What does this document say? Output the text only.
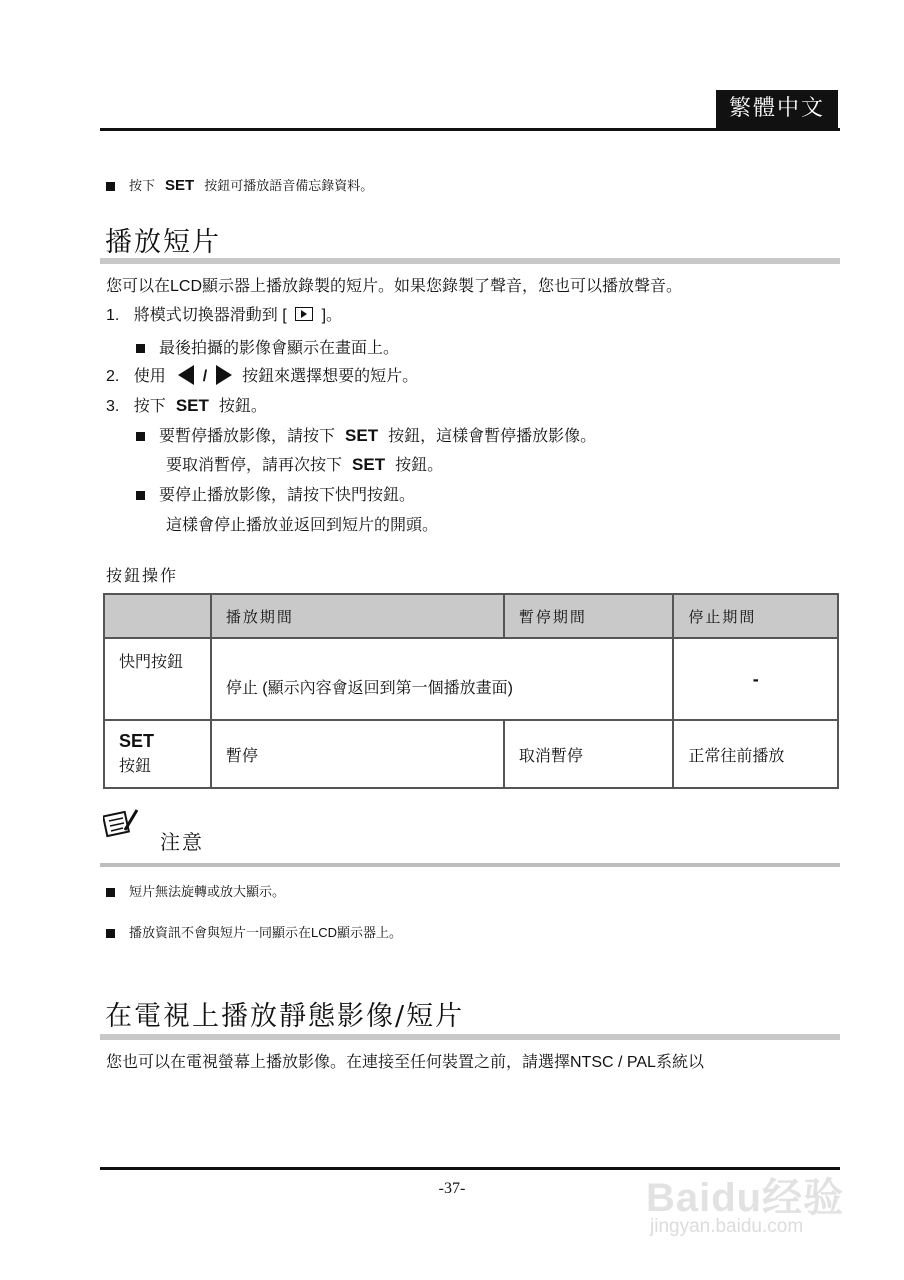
繁體中文
按下 SET 按鈕可播放語音備忘錄資料。
播放短片
您可以在LCD顯示器上播放錄製的短片。如果您錄製了聲音，您也可以播放聲音。
1. 將模式切換器滑動到 [ ]。
最後拍攝的影像會顯示在畫面上。
2. 使用 / 按鈕來選擇想要的短片。
3. 按下 SET 按鈕。
要暫停播放影像，請按下 SET 按鈕，這樣會暫停播放影像。
要取消暫停，請再次按下 SET 按鈕。
要停止播放影像，請按下快門按鈕。
這樣會停止播放並返回到短片的開頭。
按鈕操作
	播放期間	暫停期間	停止期間
快門按鈕	停止 (顯示內容會返回到第一個播放畫面)		-

SET
按鈕	暫停	取消暫停	正常往前播放
注意
短片無法旋轉或放大顯示。
播放資訊不會與短片一同顯示在LCD顯示器上。
在電視上播放靜態影像/短片
您也可以在電視螢幕上播放影像。在連接至任何裝置之前，請選擇NTSC / PAL系統以
-37-	Baidu经验
jingyan.baidu.com
